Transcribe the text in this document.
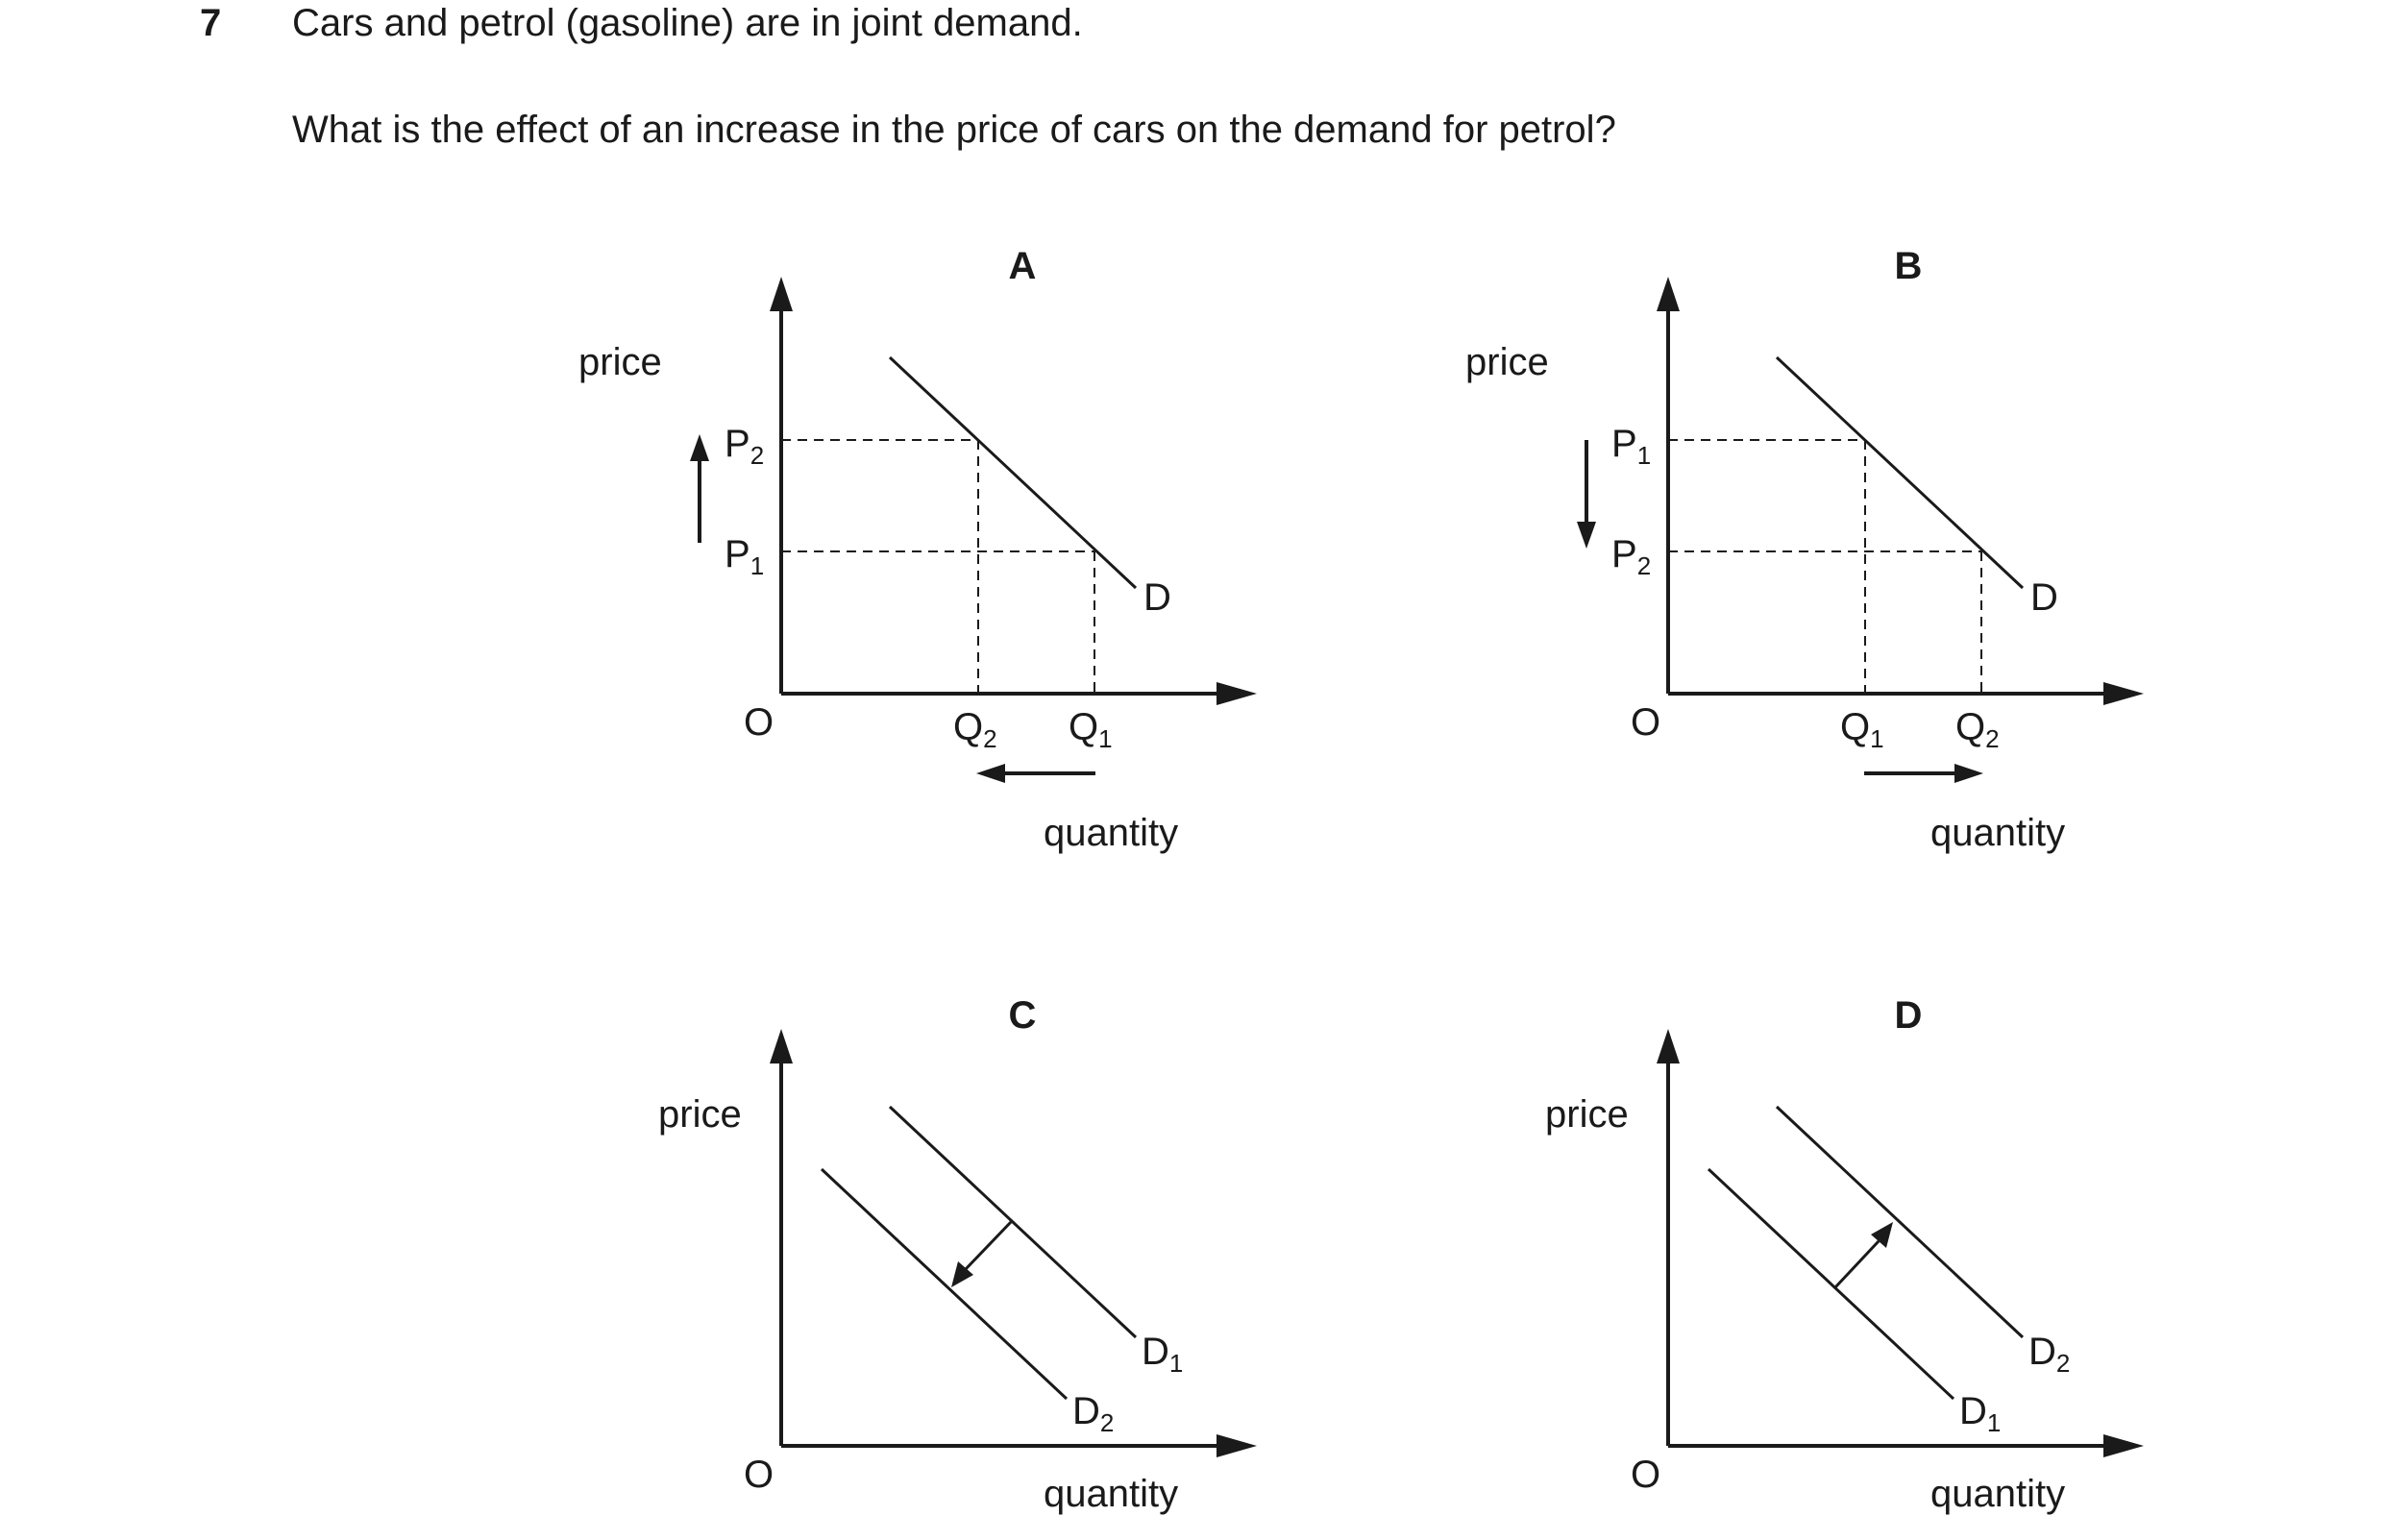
7 Cars and petrol (gasoline) are in joint demand.
What is the effect of an increase in the price of cars on the demand for petrol?
A
price
quantity
O
$P_2$
$P_1$
$Q_2$ $Q_1$
D
B
price
quantity
O
$P_1$
$P_2$
$Q_1$ $Q_2$
D
C
price
quantity
O
$D_1$
$D_2$
D
price
quantity
O
$D_2$
$D_1$
